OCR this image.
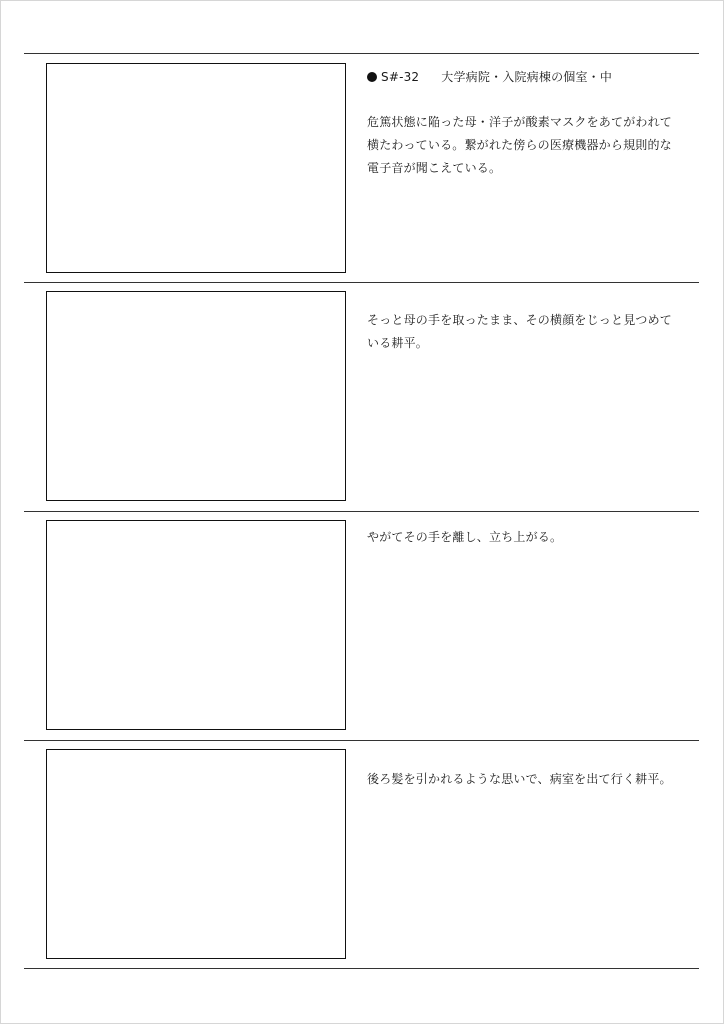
S#-32 大学病院・入院病棟の個室・中
危篤状態に陥った母・洋子が酸素マスクをあてがわれて
横たわっている。繋がれた傍らの医療機器から規則的な
電子音が聞こえている。
そっと母の手を取ったまま、その横顔をじっと見つめて
いる耕平。
やがてその手を離し、立ち上がる。
後ろ髪を引かれるような思いで、病室を出て行く耕平。
